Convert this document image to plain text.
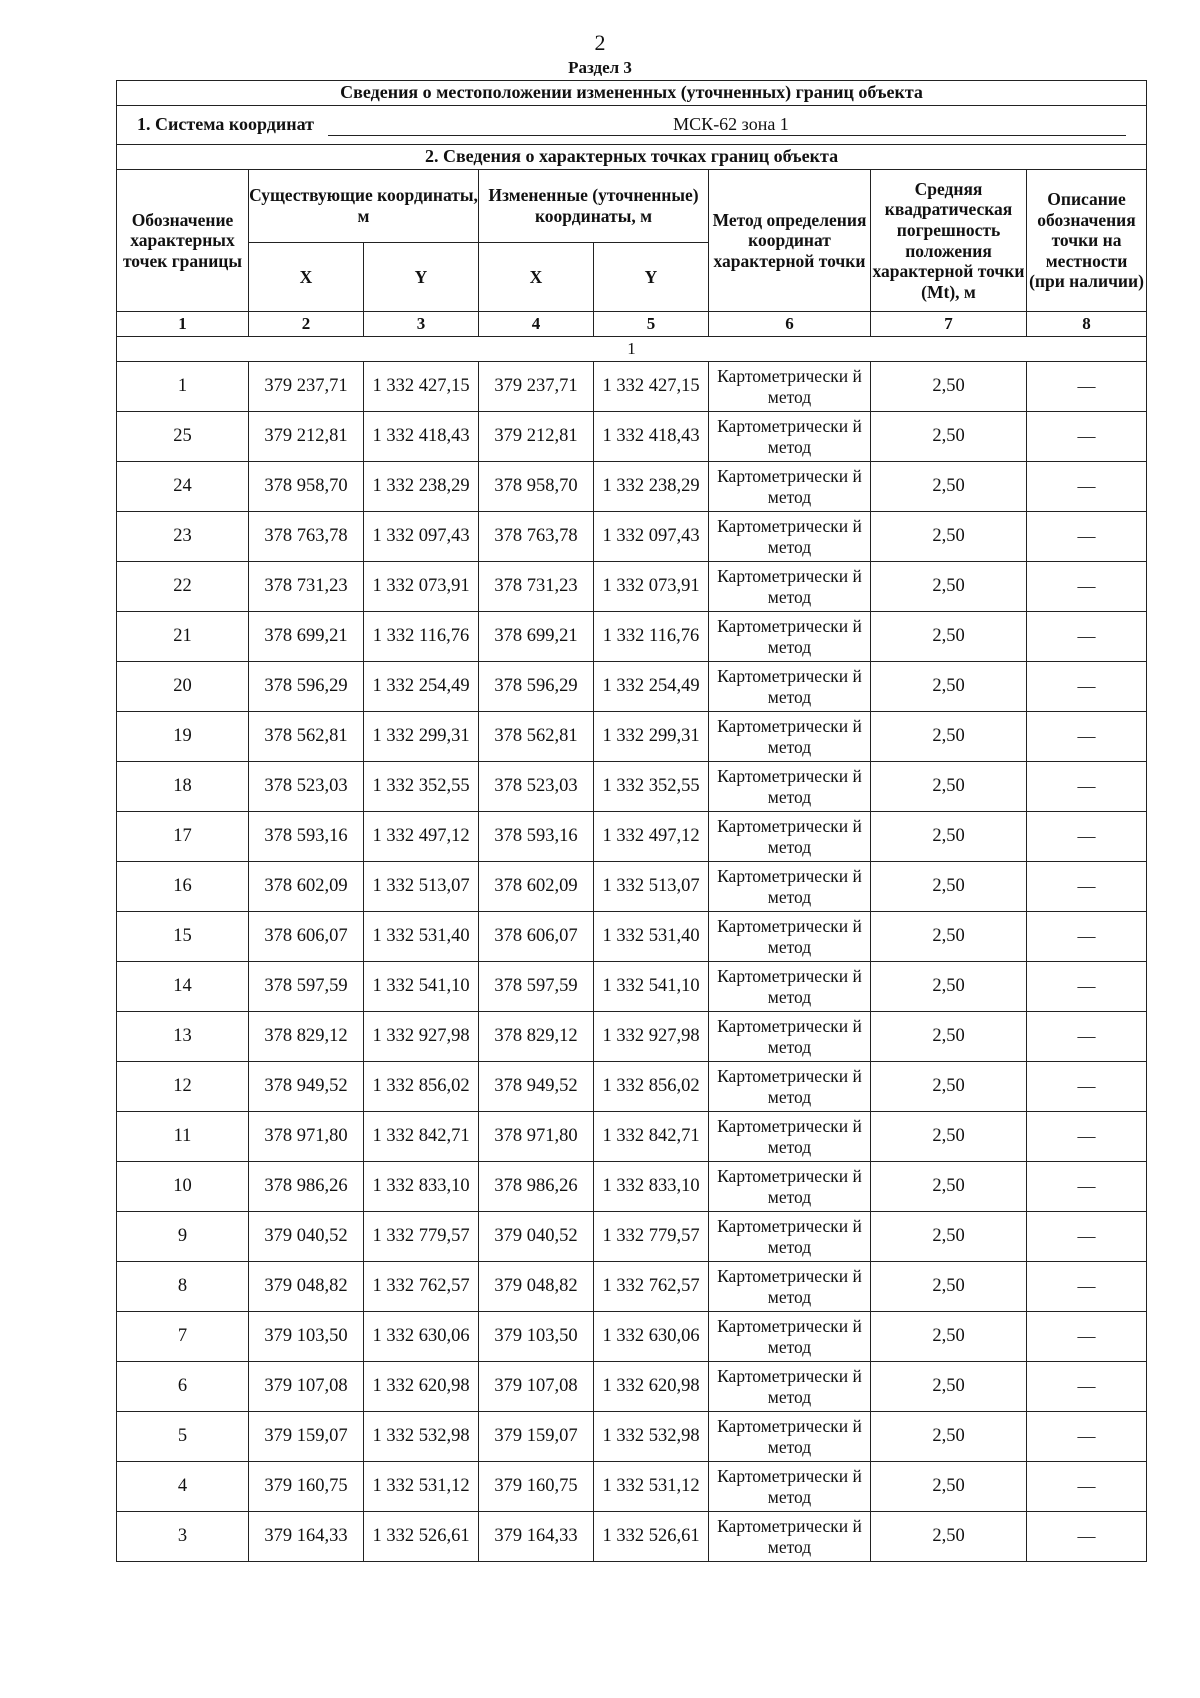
2
Раздел 3
Сведения о местоположении измененных (уточненных) границ объекта							
1. Система координат МСК-62 зона 1							
2. Сведения о характерных точках границ объекта							
Обозначение характерных точек границы	Существующие координаты, м		Измененные (уточненные) координаты, м		Метод определения координат характерной точки	Средняя квадратическая погрешность положения характерной точки (Mt), м	Описание обозначения точки на местности (при наличии)
	X	Y	X	Y			
1	2	3	4	5	6	7	8
1							
1	379 237,71	1 332 427,15	379 237,71	1 332 427,15	Картометрически й метод	2,50	—
25	379 212,81	1 332 418,43	379 212,81	1 332 418,43	Картометрически й метод	2,50	—
24	378 958,70	1 332 238,29	378 958,70	1 332 238,29	Картометрически й метод	2,50	—
23	378 763,78	1 332 097,43	378 763,78	1 332 097,43	Картометрически й метод	2,50	—
22	378 731,23	1 332 073,91	378 731,23	1 332 073,91	Картометрически й метод	2,50	—
21	378 699,21	1 332 116,76	378 699,21	1 332 116,76	Картометрически й метод	2,50	—
20	378 596,29	1 332 254,49	378 596,29	1 332 254,49	Картометрически й метод	2,50	—
19	378 562,81	1 332 299,31	378 562,81	1 332 299,31	Картометрически й метод	2,50	—
18	378 523,03	1 332 352,55	378 523,03	1 332 352,55	Картометрически й метод	2,50	—
17	378 593,16	1 332 497,12	378 593,16	1 332 497,12	Картометрически й метод	2,50	—
16	378 602,09	1 332 513,07	378 602,09	1 332 513,07	Картометрически й метод	2,50	—
15	378 606,07	1 332 531,40	378 606,07	1 332 531,40	Картометрически й метод	2,50	—
14	378 597,59	1 332 541,10	378 597,59	1 332 541,10	Картометрически й метод	2,50	—
13	378 829,12	1 332 927,98	378 829,12	1 332 927,98	Картометрически й метод	2,50	—
12	378 949,52	1 332 856,02	378 949,52	1 332 856,02	Картометрически й метод	2,50	—
11	378 971,80	1 332 842,71	378 971,80	1 332 842,71	Картометрически й метод	2,50	—
10	378 986,26	1 332 833,10	378 986,26	1 332 833,10	Картометрически й метод	2,50	—
9	379 040,52	1 332 779,57	379 040,52	1 332 779,57	Картометрически й метод	2,50	—
8	379 048,82	1 332 762,57	379 048,82	1 332 762,57	Картометрически й метод	2,50	—
7	379 103,50	1 332 630,06	379 103,50	1 332 630,06	Картометрически й метод	2,50	—
6	379 107,08	1 332 620,98	379 107,08	1 332 620,98	Картометрически й метод	2,50	—
5	379 159,07	1 332 532,98	379 159,07	1 332 532,98	Картометрически й метод	2,50	—
4	379 160,75	1 332 531,12	379 160,75	1 332 531,12	Картометрически й метод	2,50	—
3	379 164,33	1 332 526,61	379 164,33	1 332 526,61	Картометрически й метод	2,50	—
